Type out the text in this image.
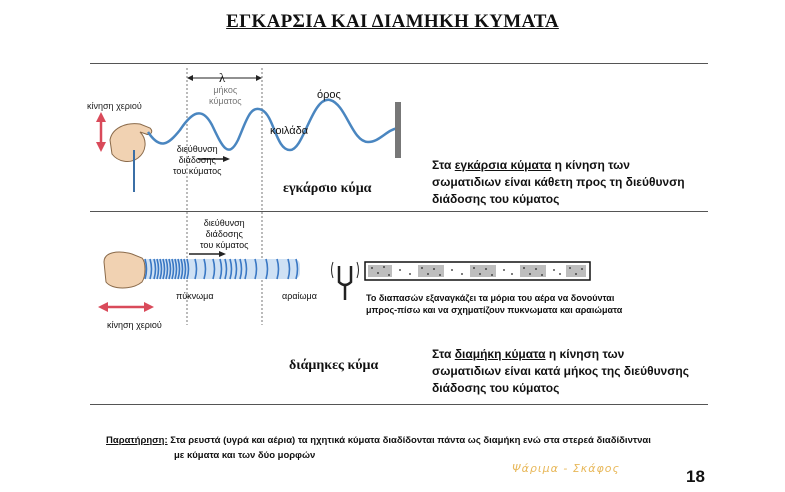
ΕΓΚΑΡΣΙΑ ΚΑΙ ΔΙΑΜΗΚΗ ΚΥΜΑΤΑ
κίνηση χεριού
λ
μήκος
κύματος	όρος
κοιλάδα
διεύθυνση
διάδοσης
του κύματος
εγκάρσιο κύμα
Στα εγκάρσια κύματα η κίνηση των
σωματιδιων είναι κάθετη προς τη διεύθυνση
διάδοσης του κύματος
διεύθυνση
διάδοσης
του κύματος
πύκνωμα	αραίωμα
κίνηση χεριού
Το διαπασών εξαναγκάζει τα μόρια του αέρα να δονούνται
μπρος-πίσω και να σχηματίζουν πυκνωματα και αραιώματα
διάμηκες κύμα
Στα διαμήκη κύματα η κίνηση των
σωματιδιων είναι κατά μήκος της διεύθυνσης
διάδοσης του κύματος
Παρατήρηση: Στα ρευστά (υγρά και αέρια) τα ηχητικά κύματα διαδίδονται πάντα ως διαμήκη ενώ στα στερεά διαδίδιντναι
με κύματα και των δύο μορφών
Ψάριμα - Σκάφος	18
